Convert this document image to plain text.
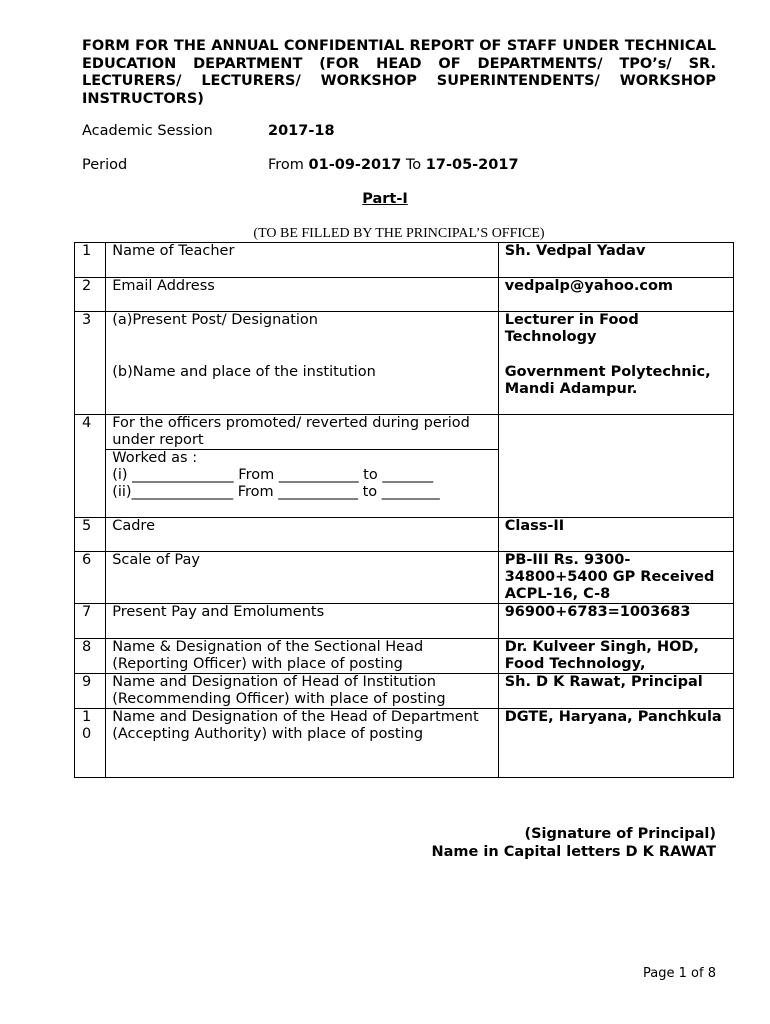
FORM FOR THE ANNUAL CONFIDENTIAL REPORT OF STAFF UNDER TECHNICAL EDUCATION DEPARTMENT (FOR HEAD OF DEPARTMENTS/ TPO’s/ SR. LECTURERS/ LECTURERS/ WORKSHOP SUPERINTENDENTS/ WORKSHOP INSTRUCTORS)
Academic Session	2017-18
Period	From 01-09-2017 To 17-05-2017
Part-I
(TO BE FILLED BY THE PRINCIPAL’S OFFICE)
1	Name of Teacher	Sh. Vedpal Yadav
2	Email Address	vedpalp@yahoo.com
3	(a)Present Post/ Designation	Lecturer in Food Technology
	(b)Name and place of the institution	Government Polytechnic, Mandi Adampur.
4	For the officers promoted/ reverted during period under report
Worked as :
(i) ______________ From ___________ to _______
(ii)______________ From ___________ to ________	

5	Cadre	Class-II
6	Scale of Pay	PB-III Rs. 9300-34800+5400 GP Received ACPL-16, C-8
7	Present Pay and Emoluments	96900+6783=1003683
8	Name & Designation of the Sectional Head (Reporting Officer) with place of posting	Dr. Kulveer Singh, HOD, Food Technology,
9	Name and Designation of Head of Institution (Recommending Officer) with place of posting	Sh. D K Rawat, Principal

1 0	Name and Designation of the Head of Department
(Accepting Authority) with place of posting	DGTE, Haryana, Panchkula
(Signature of Principal)
Name in Capital letters D K RAWAT
Page 1 of 8
